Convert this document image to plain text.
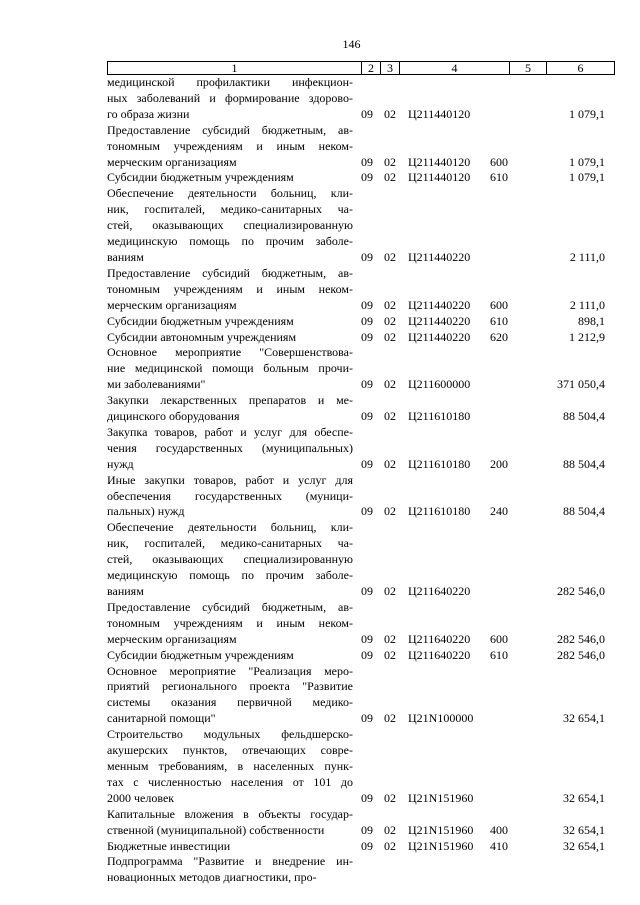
146
1	2	3	4	5	6
медицинской профилактики инфекцион-
ных заболеваний и формирование здорово-
го образа жизни	09 02 Ц211440120	1 079,1
Предоставление субсидий бюджетным, ав-
тономным учреждениям и иным неком-
мерческим организациям	09 02 Ц211440120 600	1 079,1
Субсидии бюджетным учреждениям	09 02 Ц211440120 610	1 079,1
Обеспечение деятельности больниц, кли-
ник, госпиталей, медико-санитарных ча-
стей, оказывающих специализированную
медицинскую помощь по прочим заболе-
ваниям	09 02 Ц211440220	2 111,0
Предоставление субсидий бюджетным, ав-
тономным учреждениям и иным неком-
мерческим организациям	09 02 Ц211440220 600	2 111,0
Субсидии бюджетным учреждениям	09 02 Ц211440220 610	898,1
Субсидии автономным учреждениям	09 02 Ц211440220 620	1 212,9
Основное мероприятие "Совершенствова-
ние медицинской помощи больным прочи-
ми заболеваниями"	09 02 Ц211600000	371 050,4
Закупки лекарственных препаратов и ме-
дицинского оборудования	09 02 Ц211610180	88 504,4
Закупка товаров, работ и услуг для обеспе-
чения государственных (муниципальных)
нужд	09 02 Ц211610180 200	88 504,4
Иные закупки товаров, работ и услуг для
обеспечения государственных (муници-
пальных) нужд	09 02 Ц211610180 240	88 504,4
Обеспечение деятельности больниц, кли-
ник, госпиталей, медико-санитарных ча-
стей, оказывающих специализированную
медицинскую помощь по прочим заболе-
ваниям	09 02 Ц211640220	282 546,0
Предоставление субсидий бюджетным, ав-
тономным учреждениям и иным неком-
мерческим организациям	09 02 Ц211640220 600	282 546,0
Субсидии бюджетным учреждениям	09 02 Ц211640220 610	282 546,0
Основное мероприятие "Реализация меро-
приятий регионального проекта "Развитие
системы оказания первичной медико-
санитарной помощи"	09 02 Ц21N100000	32 654,1
Строительство модульных фельдшерско-
акушерских пунктов, отвечающих совре-
менным требованиям, в населенных пунк-
тах с численностью населения от 101 до
2000 человек	09 02 Ц21N151960	32 654,1
Капитальные вложения в объекты государ-
ственной (муниципальной) собственности	09 02 Ц21N151960 400	32 654,1
Бюджетные инвестиции	09 02 Ц21N151960 410	32 654,1
Подпрограмма "Развитие и внедрение ин-
новационных методов диагностики, про-
